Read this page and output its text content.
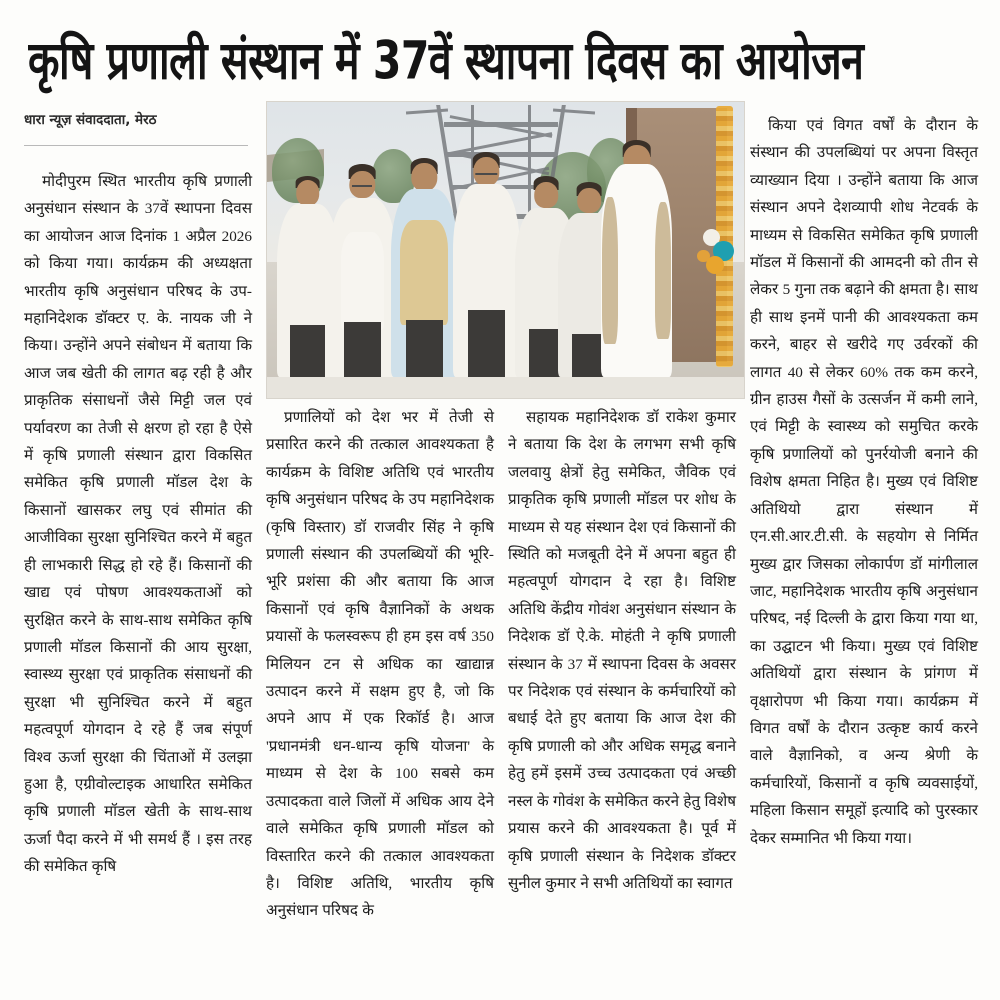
कृषि प्रणाली संस्थान में 37वें स्थापना दिवस का आयोजन
धारा न्यूज़ संवाददाता, मेरठ

मोदीपुरम स्थित भारतीय कृषि प्रणाली अनुसंधान संस्थान के 37वें स्थापना दिवस का आयोजन आज दिनांक 1 अप्रैल 2026 को किया गया। कार्यक्रम की अध्यक्षता भारतीय कृषि अनुसंधान परिषद के उप-महानिदेशक डॉक्टर ए. के. नायक जी ने किया। उन्होंने अपने संबोधन में बताया कि आज जब खेती की लागत बढ़ रही है और प्राकृतिक संसाधनों जैसे मिट्टी जल एवं पर्यावरण का तेजी से क्षरण हो रहा है ऐसे में कृषि प्रणाली संस्थान द्वारा विकसित समेकित कृषि प्रणाली मॉडल देश के किसानों खासकर लघु एवं सीमांत की आजीविका सुरक्षा सुनिश्चित करने में बहुत ही लाभकारी सिद्ध हो रहे हैं। किसानों की खाद्य एवं पोषण आवश्यकताओं को सुरक्षित करने के साथ-साथ समेकित कृषि प्रणाली मॉडल किसानों की आय सुरक्षा, स्वास्थ्य सुरक्षा एवं प्राकृतिक संसाधनों की सुरक्षा भी सुनिश्चित करने में बहुत महत्वपूर्ण योगदान दे रहे हैं जब संपूर्ण विश्व ऊर्जा सुरक्षा की चिंताओं में उलझा हुआ है, एग्रीवोल्टाइक आधारित समेकित कृषि प्रणाली मॉडल खेती के साथ-साथ ऊर्जा पैदा करने में भी समर्थ हैं । इस तरह की समेकित कृषि

प्रणालियों को देश भर में तेजी से प्रसारित करने की तत्काल आवश्यकता है कार्यक्रम के विशिष्ट अतिथि एवं भारतीय कृषि अनुसंधान परिषद के उप महानिदेशक (कृषि विस्तार) डॉ राजवीर सिंह ने कृषि प्रणाली संस्थान की उपलब्धियों की भूरि-भूरि प्रशंसा की और बताया कि आज किसानों एवं कृषि वैज्ञानिकों के अथक प्रयासों के फलस्वरूप ही हम इस वर्ष 350 मिलियन टन से अधिक का खाद्यान्न उत्पादन करने में सक्षम हुए है, जो कि अपने आप में एक रिकॉर्ड है। आज 'प्रधानमंत्री धन-धान्य कृषि योजना' के माध्यम से देश के 100 सबसे कम उत्पादकता वाले जिलों में अधिक आय देने वाले समेकित कृषि प्रणाली मॉडल को विस्तारित करने की तत्काल आवश्यकता है। विशिष्ट अतिथि, भारतीय कृषि अनुसंधान परिषद के

सहायक महानिदेशक डॉ राकेश कुमार ने बताया कि देश के लगभग सभी कृषि जलवायु क्षेत्रों हेतु समेकित, जैविक एवं प्राकृतिक कृषि प्रणाली मॉडल पर शोध के माध्यम से यह संस्थान देश एवं किसानों की स्थिति को मजबूती देने में अपना बहुत ही महत्वपूर्ण योगदान दे रहा है। विशिष्ट अतिथि केंद्रीय गोवंश अनुसंधान संस्थान के निदेशक डॉ ऐ.के. मोहंती ने कृषि प्रणाली संस्थान के 37 में स्थापना दिवस के अवसर पर निदेशक एवं संस्थान के कर्मचारियों को बधाई देते हुए बताया कि आज देश की कृषि प्रणाली को और अधिक समृद्ध बनाने हेतु हमें इसमें उच्च उत्पादकता एवं अच्छी नस्ल के गोवंश के समेकित करने हेतु विशेष प्रयास करने की आवश्यकता है। पूर्व में कृषि प्रणाली संस्थान के निदेशक डॉक्टर सुनील कुमार ने सभी अतिथियों का स्वागत

किया एवं विगत वर्षों के दौरान के संस्थान की उपलब्धियां पर अपना विस्तृत व्याख्यान दिया । उन्होंने बताया कि आज संस्थान अपने देशव्यापी शोध नेटवर्क के माध्यम से विकसित समेकित कृषि प्रणाली मॉडल में किसानों की आमदनी को तीन से लेकर 5 गुना तक बढ़ाने की क्षमता है। साथ ही साथ इनमें पानी की आवश्यकता कम करने, बाहर से खरीदे गए उर्वरकों की लागत 40 से लेकर 60% तक कम करने, ग्रीन हाउस गैसों के उत्सर्जन में कमी लाने, एवं मिट्टी के स्वास्थ्य को समुचित करके कृषि प्रणालियों को पुनर्रयोजी बनाने की विशेष क्षमता निहित है। मुख्य एवं विशिष्ट अतिथियो द्वारा संस्थान में एन.सी.आर.टी.सी. के सहयोग से निर्मित मुख्य द्वार जिसका लोकार्पण डॉ मांगीलाल जाट, महानिदेशक भारतीय कृषि अनुसंधान परिषद, नई दिल्ली के द्वारा किया गया था, का उद्घाटन भी किया। मुख्य एवं विशिष्ट अतिथियों द्वारा संस्थान के प्रांगण में वृक्षारोपण भी किया गया। कार्यक्रम में विगत वर्षों के दौरान उत्कृष्ट कार्य करने वाले वैज्ञानिको, व अन्य श्रेणी के कर्मचारियों, किसानों व कृषि व्यवसाईयों, महिला किसान समूहों इत्यादि को पुरस्कार देकर सम्मानित भी किया गया।
